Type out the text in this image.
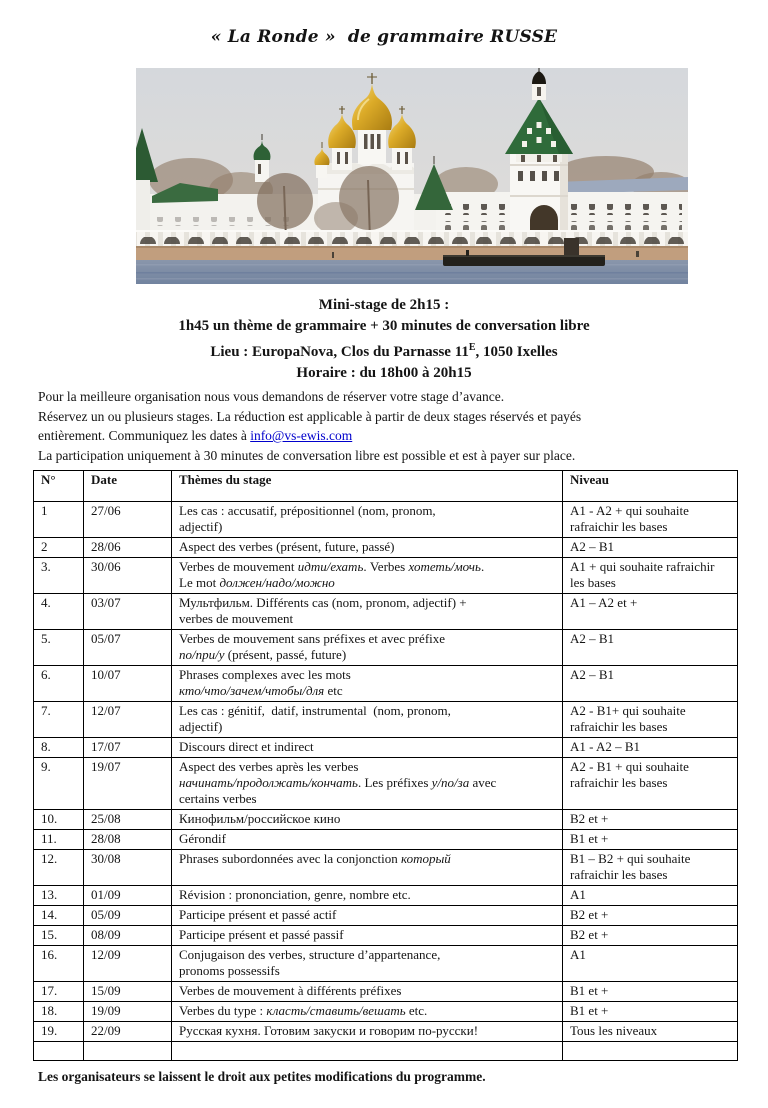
« La Ronde »  de grammaire RUSSE
Mini-stage de 2h15 :
1h45 un thème de grammaire + 30 minutes de conversation libre
Lieu : EuropaNova, Clos du Parnasse $11^E$, 1050 Ixelles
Horaire : du 18h00 à 20h15
Pour la meilleure organisation nous vous demandons de réserver votre stage d’avance.
Réservez un ou plusieurs stages. La réduction est applicable à partir de deux stages réservés et payés
entièrement. Communiquez les dates à info@vs-ewis.com
La participation uniquement à 30 minutes de conversation libre est possible et est à payer sur place.
N°	Date	Thèmes du stage	Niveau
1	27/06	Les cas : accusatif, prépositionnel (nom, pronom,
adjectif)	A1 - A2 + qui souhaite rafraichir les bases
2	28/06	Aspect des verbes (présent, future, passé)	A2 – B1
3.	30/06	Verbes de mouvement идти/ехать. Verbes хотеть/мочь.
Le mot должен/надо/можно	A1 + qui souhaite rafraichir les bases
4.	03/07	Мультфильм. Différents cas (nom, pronom, adjectif) +
verbes de mouvement	A1 – A2 et +
5.	05/07	Verbes de mouvement sans préfixes et avec préfixe
по/при/у (présent, passé, future)	A2 – B1
6.	10/07	Phrases complexes avec les mots
кто/что/зачем/чтобы/для etc	A2 – B1
7.	12/07	Les cas : génitif,  datif, instrumental  (nom, pronom,
adjectif)	A2 - B1+ qui souhaite rafraichir les bases
8.	17/07	Discours direct et indirect	A1 - A2 – B1
9.	19/07	Aspect des verbes après les verbes
начинать/продолжать/кончать. Les préfixes у/по/за avec
certains verbes	A2 - B1 + qui souhaite rafraichir les bases
10.	25/08	Кинофильм/российское кино	B2 et +
11.	28/08	Gérondif	B1 et +
12.	30/08	Phrases subordonnées avec la conjonction который	B1 – B2 + qui souhaite rafraichir les bases
13.	01/09	Révision : prononciation, genre, nombre etc.	A1
14.	05/09	Participe présent et passé actif	B2 et +
15.	08/09	Participe présent et passé passif	B2 et +
16.	12/09	Conjugaison des verbes, structure d’appartenance,
pronoms possessifs	A1
17.	15/09	Verbes de mouvement à différents préfixes	B1 et +
18.	19/09	Verbes du type : класть/ставить/вешать etc.	B1 et +
19.	22/09	Русская кухня. Готовим закуски и говорим по-русски!	Tous les niveaux

Les organisateurs se laissent le droit aux petites modifications du programme.
